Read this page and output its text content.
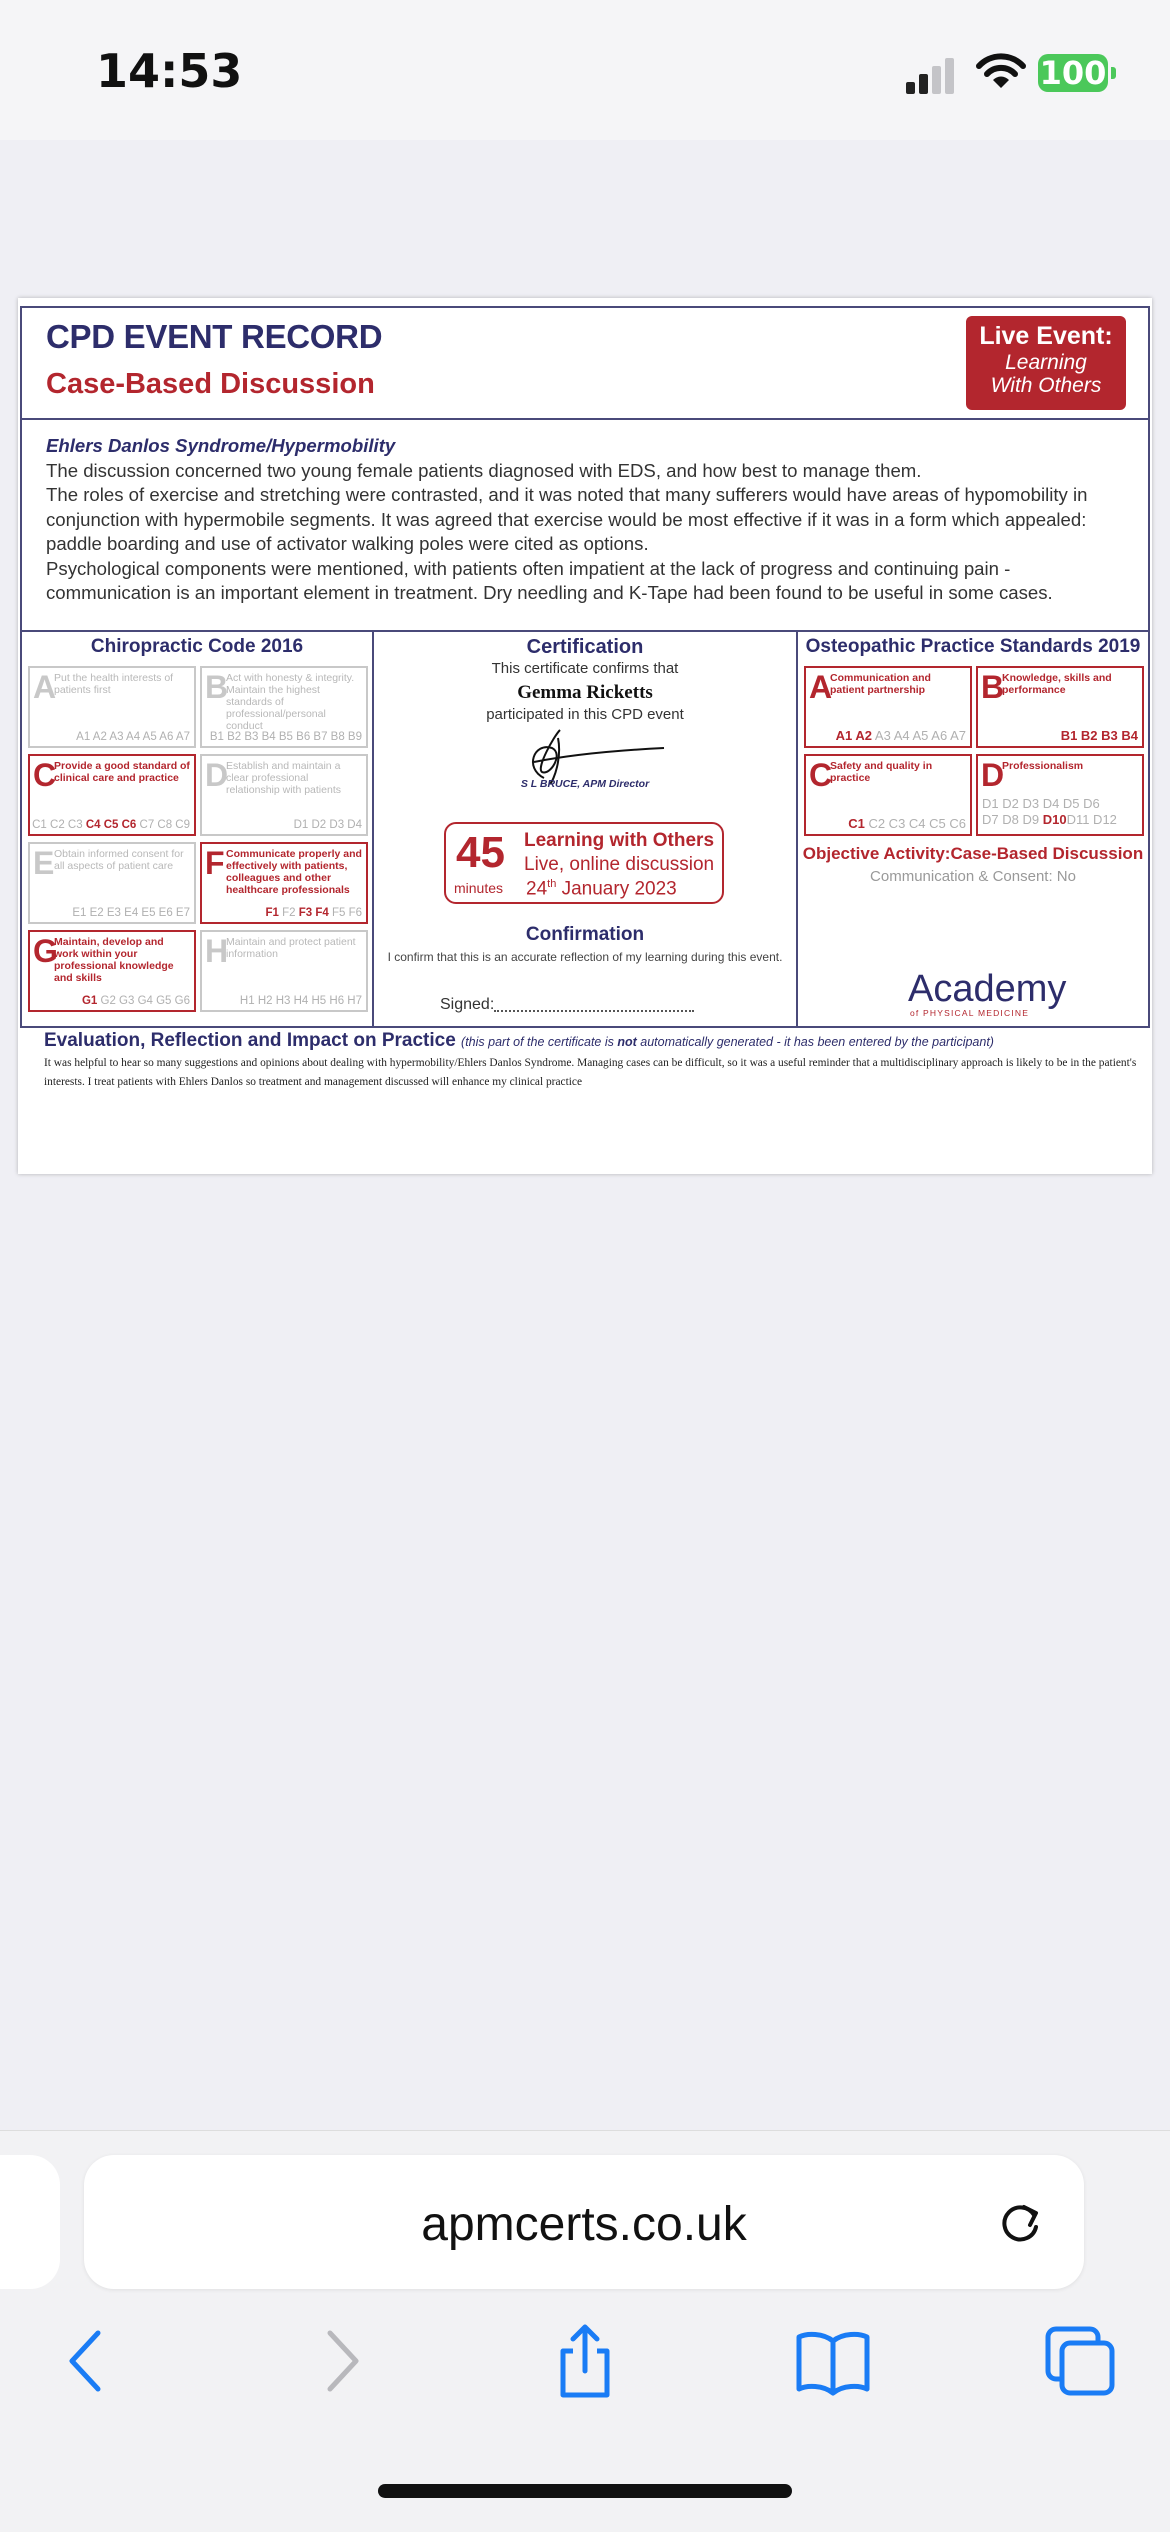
14:53	100
CPD EVENT RECORD
Case-Based Discussion
Live Event:
Learning
With Others
Ehlers Danlos Syndrome/Hypermobility
The discussion concerned two young female patients diagnosed with EDS, and how best to manage them.
The roles of exercise and stretching were contrasted, and it was noted that many sufferers would have areas of hypomobility in conjunction with hypermobile segments. It was agreed that exercise would be most effective if it was in a form which appealed: paddle boarding and use of activator walking poles were cited as options.
Psychological components were mentioned, with patients often impatient at the lack of progress and continuing pain - communication is an important element in treatment. Dry needling and K-Tape had been found to be useful in some cases.
Chiropractic Code 2016
A
Put the health interests of patients first
A1 A2 A3 A4 A5 A6 A7
B
Act with honesty & integrity. Maintain the highest standards of professional/personal conduct
B1 B2 B3 B4 B5 B6 B7 B8 B9
C
Provide a good standard of clinical care and practice
C1 C2 C3 C4 C5 C6 C7 C8 C9
D
Establish and maintain a clear professional relationship with patients
D1 D2 D3 D4
E Obtain informed consent for all aspects of patient care
E1 E2 E3 E4 E5 E6 E7
F Communicate properly and effectively with patients, colleagues and other healthcare professionals
F1 F2 F3 F4 F5 F6
G
Maintain, develop and work within your professional knowledge and skills
G1 G2 G3 G4 G5 G6
H
Maintain and protect patient information
H1 H2 H3 H4 H5 H6 H7
Certification
This certificate confirms that
Gemma Ricketts
participated in this CPD event
S L BRUCE, APM Director
45
minutes
Learning with Others
Live, online discussion
24th January 2023
Confirmation
I confirm that this is an accurate reflection of my learning during this event.
Signed:
Osteopathic Practice Standards 2019
A
Communication and patient partnership
A1 A2 A3 A4 A5 A6 A7
B
Knowledge, skills and performance
B1 B2 B3 B4
C
Safety and quality in practice
C1 C2 C3 C4 C5 C6
D
Professionalism
D1 D2 D3 D4 D5 D6
D7 D8 D9 D10D11 D12
Objective Activity:Case-Based Discussion
Communication & Consent: No
Academy
of PHYSICAL MEDICINE
Evaluation, Reflection and Impact on Practice (this part of the certificate is not automatically generated - it has been entered by the participant)
It was helpful to hear so many suggestions and opinions about dealing with hypermobility/Ehlers Danlos Syndrome. Managing cases can be difficult, so it was a useful reminder that a multidisciplinary approach is likely to be in the patient's interests. I treat patients with Ehlers Danlos so treatment and management discussed will enhance my clinical practice
apmcerts.co.uk
